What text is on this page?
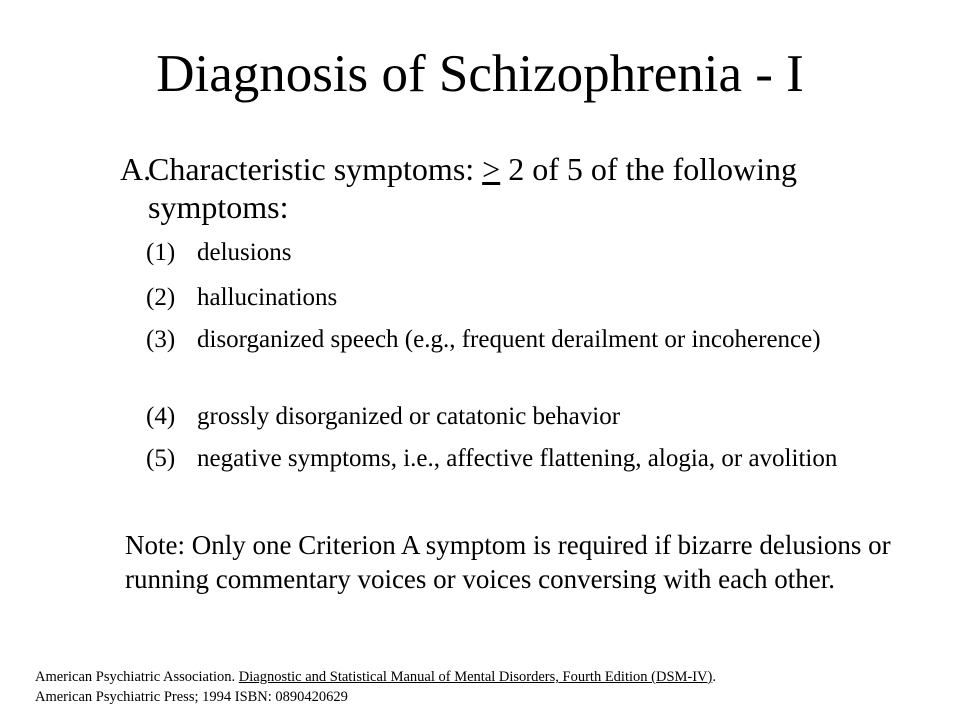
Diagnosis of Schizophrenia - I
A.
Characteristic symptoms: > 2 of 5 of the following symptoms:
(1) delusions
(2) hallucinations
(3) disorganized speech (e.g., frequent derailment or incoherence)
(4) grossly disorganized or catatonic behavior
(5) negative symptoms, i.e., affective flattening, alogia, or avolition
Note: Only one Criterion A symptom is required if bizarre delusions or running commentary voices or voices conversing with each other.
American Psychiatric Association. Diagnostic and Statistical Manual of Mental Disorders, Fourth Edition (DSM-IV).
American Psychiatric Press; 1994 ISBN: 0890420629
